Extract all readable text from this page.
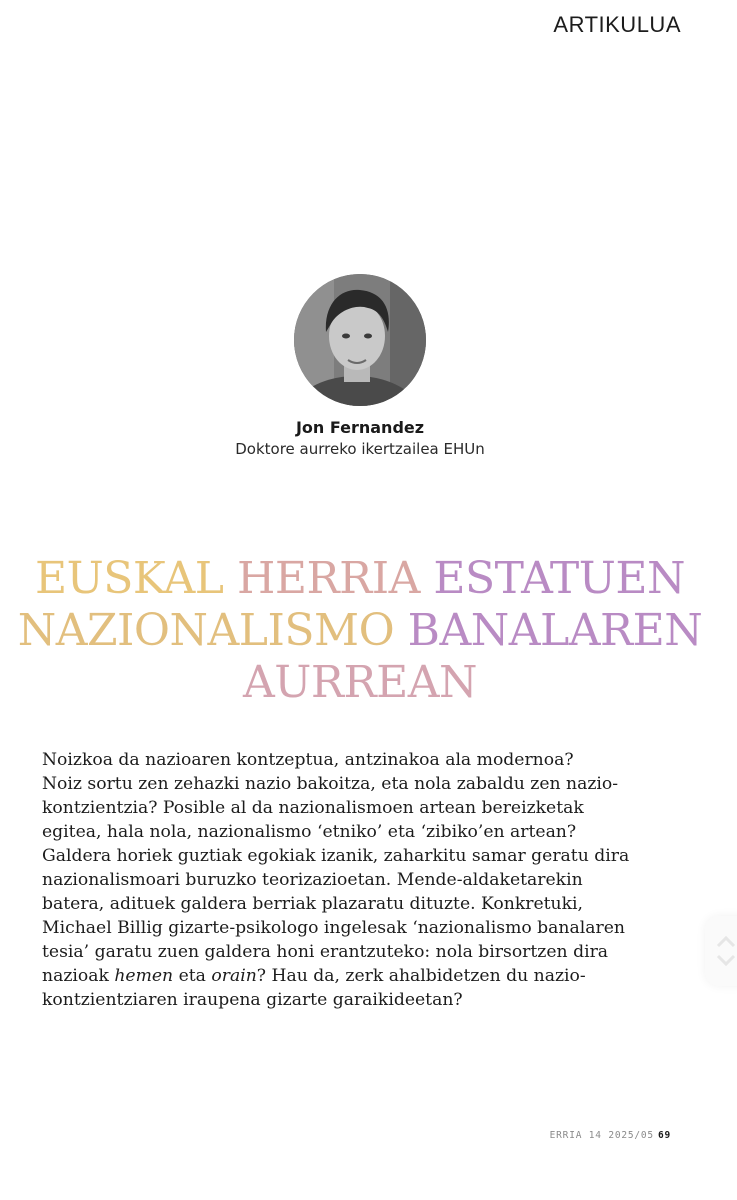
ARTIKULUA
Jon Fernandez
Doktore aurreko ikertzailea EHUn
EUSKAL HERRIA ESTATUEN
NAZIONALISMO BANALAREN
AURREAN

Noizkoa da nazioaren kontzeptua, antzinakoa ala modernoa?
Noiz sortu zen zehazki nazio bakoitza, eta nola zabaldu zen nazio-
kontzientzia? Posible al da nazionalismoen artean bereizketak
egitea, hala nola, nazionalismo ‘etniko’ eta ‘zibiko’en artean?
Galdera horiek guztiak egokiak izanik, zaharkitu samar geratu dira
nazionalismoari buruzko teorizazioetan. Mende-aldaketarekin
batera, adituek galdera berriak plazaratu dituzte. Konkretuki,
Michael Billig gizarte-psikologo ingelesak ‘nazionalismo banalaren
tesia’ garatu zuen galdera honi erantzuteko: nola birsortzen dira
nazioak hemen eta orain? Hau da, zerk ahalbidetzen du nazio-
kontzientziaren iraupena gizarte garaikideetan?

ERRIA 14 2025/05 69
